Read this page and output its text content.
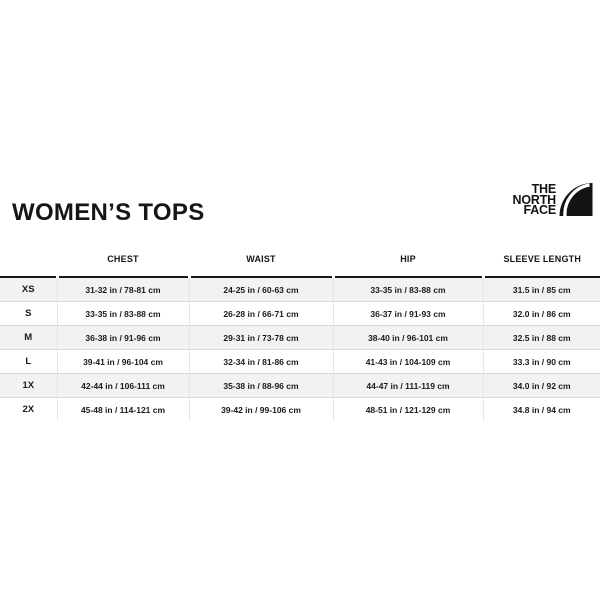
WOMEN’S TOPS
THE
NORTH
FACE
	CHEST	WAIST	HIP	SLEEVE LENGTH
XS	31-32 in / 78-81 cm	24-25 in / 60-63 cm	33-35 in / 83-88 cm	31.5 in / 85 cm
S	33-35 in / 83-88 cm	26-28 in / 66-71 cm	36-37 in / 91-93 cm	32.0 in / 86 cm
M	36-38 in / 91-96 cm	29-31 in / 73-78 cm	38-40 in / 96-101 cm	32.5 in / 88 cm
L	39-41 in / 96-104 cm	32-34 in / 81-86 cm	41-43 in / 104-109 cm	33.3 in / 90 cm
1X	42-44 in / 106-111 cm	35-38 in / 88-96 cm	44-47 in / 111-119 cm	34.0 in / 92 cm
2X	45-48 in / 114-121 cm	39-42 in / 99-106 cm	48-51 in / 121-129 cm	34.8 in / 94 cm
